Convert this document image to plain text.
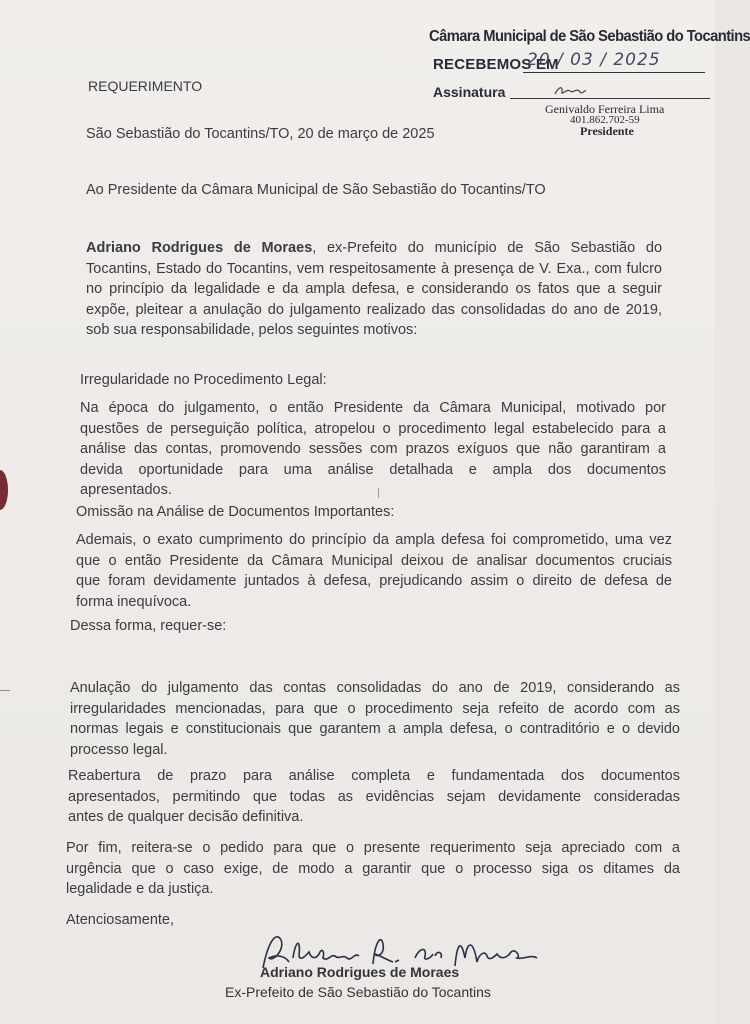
Câmara Municipal de São Sebastião do Tocantins
RECEBEMOS EM
20 / 03 / 2025
Assinatura
Genivaldo Ferreira Lima
401.862.702-59
Presidente
REQUERIMENTO
São Sebastião do Tocantins/TO, 20 de março de 2025
Ao Presidente da Câmara Municipal de São Sebastião do Tocantins/TO
Adriano Rodrigues de Moraes, ex-Prefeito do município de São Sebastião do
Tocantins, Estado do Tocantins, vem respeitosamente à presença de V. Exa., com fulcro
no princípio da legalidade e da ampla defesa, e considerando os fatos que a seguir
expõe, pleitear a anulação do julgamento realizado das consolidadas do ano de 2019,
sob sua responsabilidade, pelos seguintes motivos:
Irregularidade no Procedimento Legal:
Na época do julgamento, o então Presidente da Câmara Municipal, motivado por
questões de perseguição política, atropelou o procedimento legal estabelecido para a
análise das contas, promovendo sessões com prazos exíguos que não garantiram a
devida oportunidade para uma análise detalhada e ampla dos documentos
apresentados.
Omissão na Análise de Documentos Importantes:
Ademais, o exato cumprimento do princípio da ampla defesa foi comprometido, uma vez
que o então Presidente da Câmara Municipal deixou de analisar documentos cruciais
que foram devidamente juntados à defesa, prejudicando assim o direito de defesa de
forma inequívoca.
Dessa forma, requer-se:
Anulação do julgamento das contas consolidadas do ano de 2019, considerando as
irregularidades mencionadas, para que o procedimento seja refeito de acordo com as
normas legais e constitucionais que garantem a ampla defesa, o contraditório e o devido
processo legal.
Reabertura de prazo para análise completa e fundamentada dos documentos
apresentados, permitindo que todas as evidências sejam devidamente consideradas
antes de qualquer decisão definitiva.
Por fim, reitera-se o pedido para que o presente requerimento seja apreciado com a
urgência que o caso exige, de modo a garantir que o processo siga os ditames da
legalidade e da justiça.
Atenciosamente,
Adriano Rodrigues de Moraes
Ex-Prefeito de São Sebastião do Tocantins
